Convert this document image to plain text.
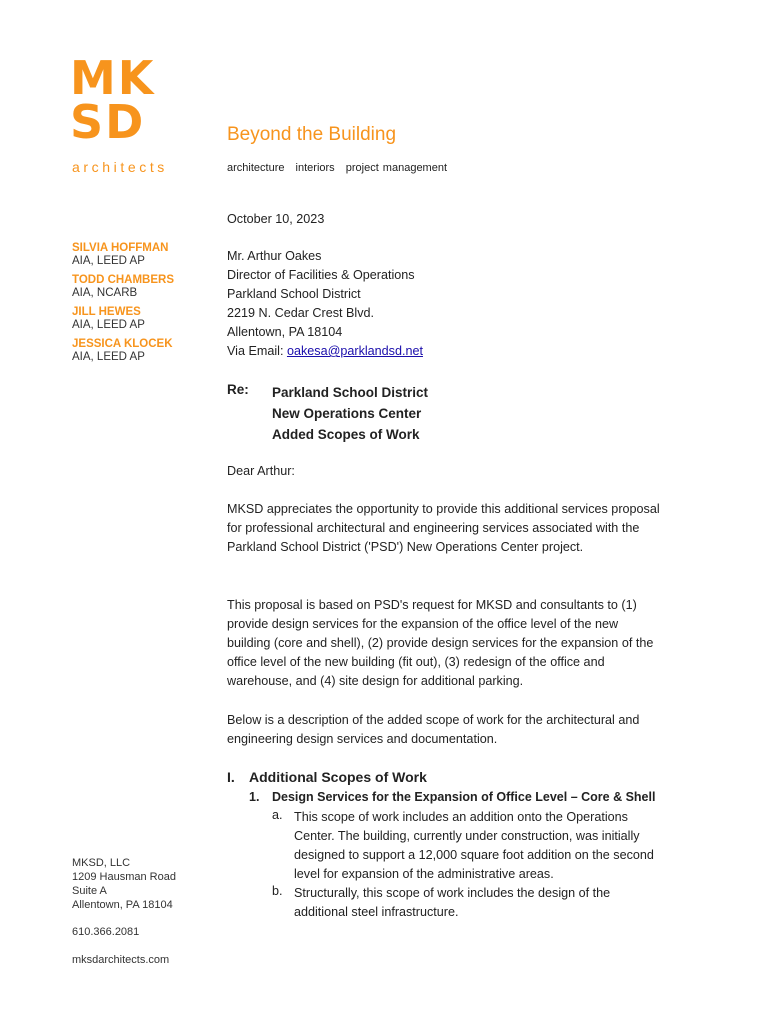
MK
SD
architects
Beyond the Building
architecture interiors project management
SILVIA HOFFMAN
AIA, LEED AP
TODD CHAMBERS
AIA, NCARB
JILL HEWES
AIA, LEED AP
JESSICA KLOCEK
AIA, LEED AP
MKSD, LLC
1209 Hausman Road
Suite A
Allentown, PA 18104
610.366.2081
mksdarchitects.com
October 10, 2023
Mr. Arthur Oakes
Director of Facilities & Operations
Parkland School District
2219 N. Cedar Crest Blvd.
Allentown, PA 18104
Via Email: oakesa@parklandsd.net
Re: Parkland School District
New Operations Center
Added Scopes of Work
Dear Arthur:
MKSD appreciates the opportunity to provide this additional services proposal for professional architectural and engineering services associated with the Parkland School District ('PSD') New Operations Center project.
This proposal is based on PSD's request for MKSD and consultants to (1) provide design services for the expansion of the office level of the new building (core and shell), (2) provide design services for the expansion of the office level of the new building (fit out), (3) redesign of the office and warehouse, and (4) site design for additional parking.
Below is a description of the added scope of work for the architectural and engineering design services and documentation.
I. Additional Scopes of Work
1. Design Services for the Expansion of Office Level – Core & Shell
a. This scope of work includes an addition onto the Operations Center. The building, currently under construction, was initially designed to support a 12,000 square foot addition on the second level for expansion of the administrative areas.
b. Structurally, this scope of work includes the design of the additional steel infrastructure.
